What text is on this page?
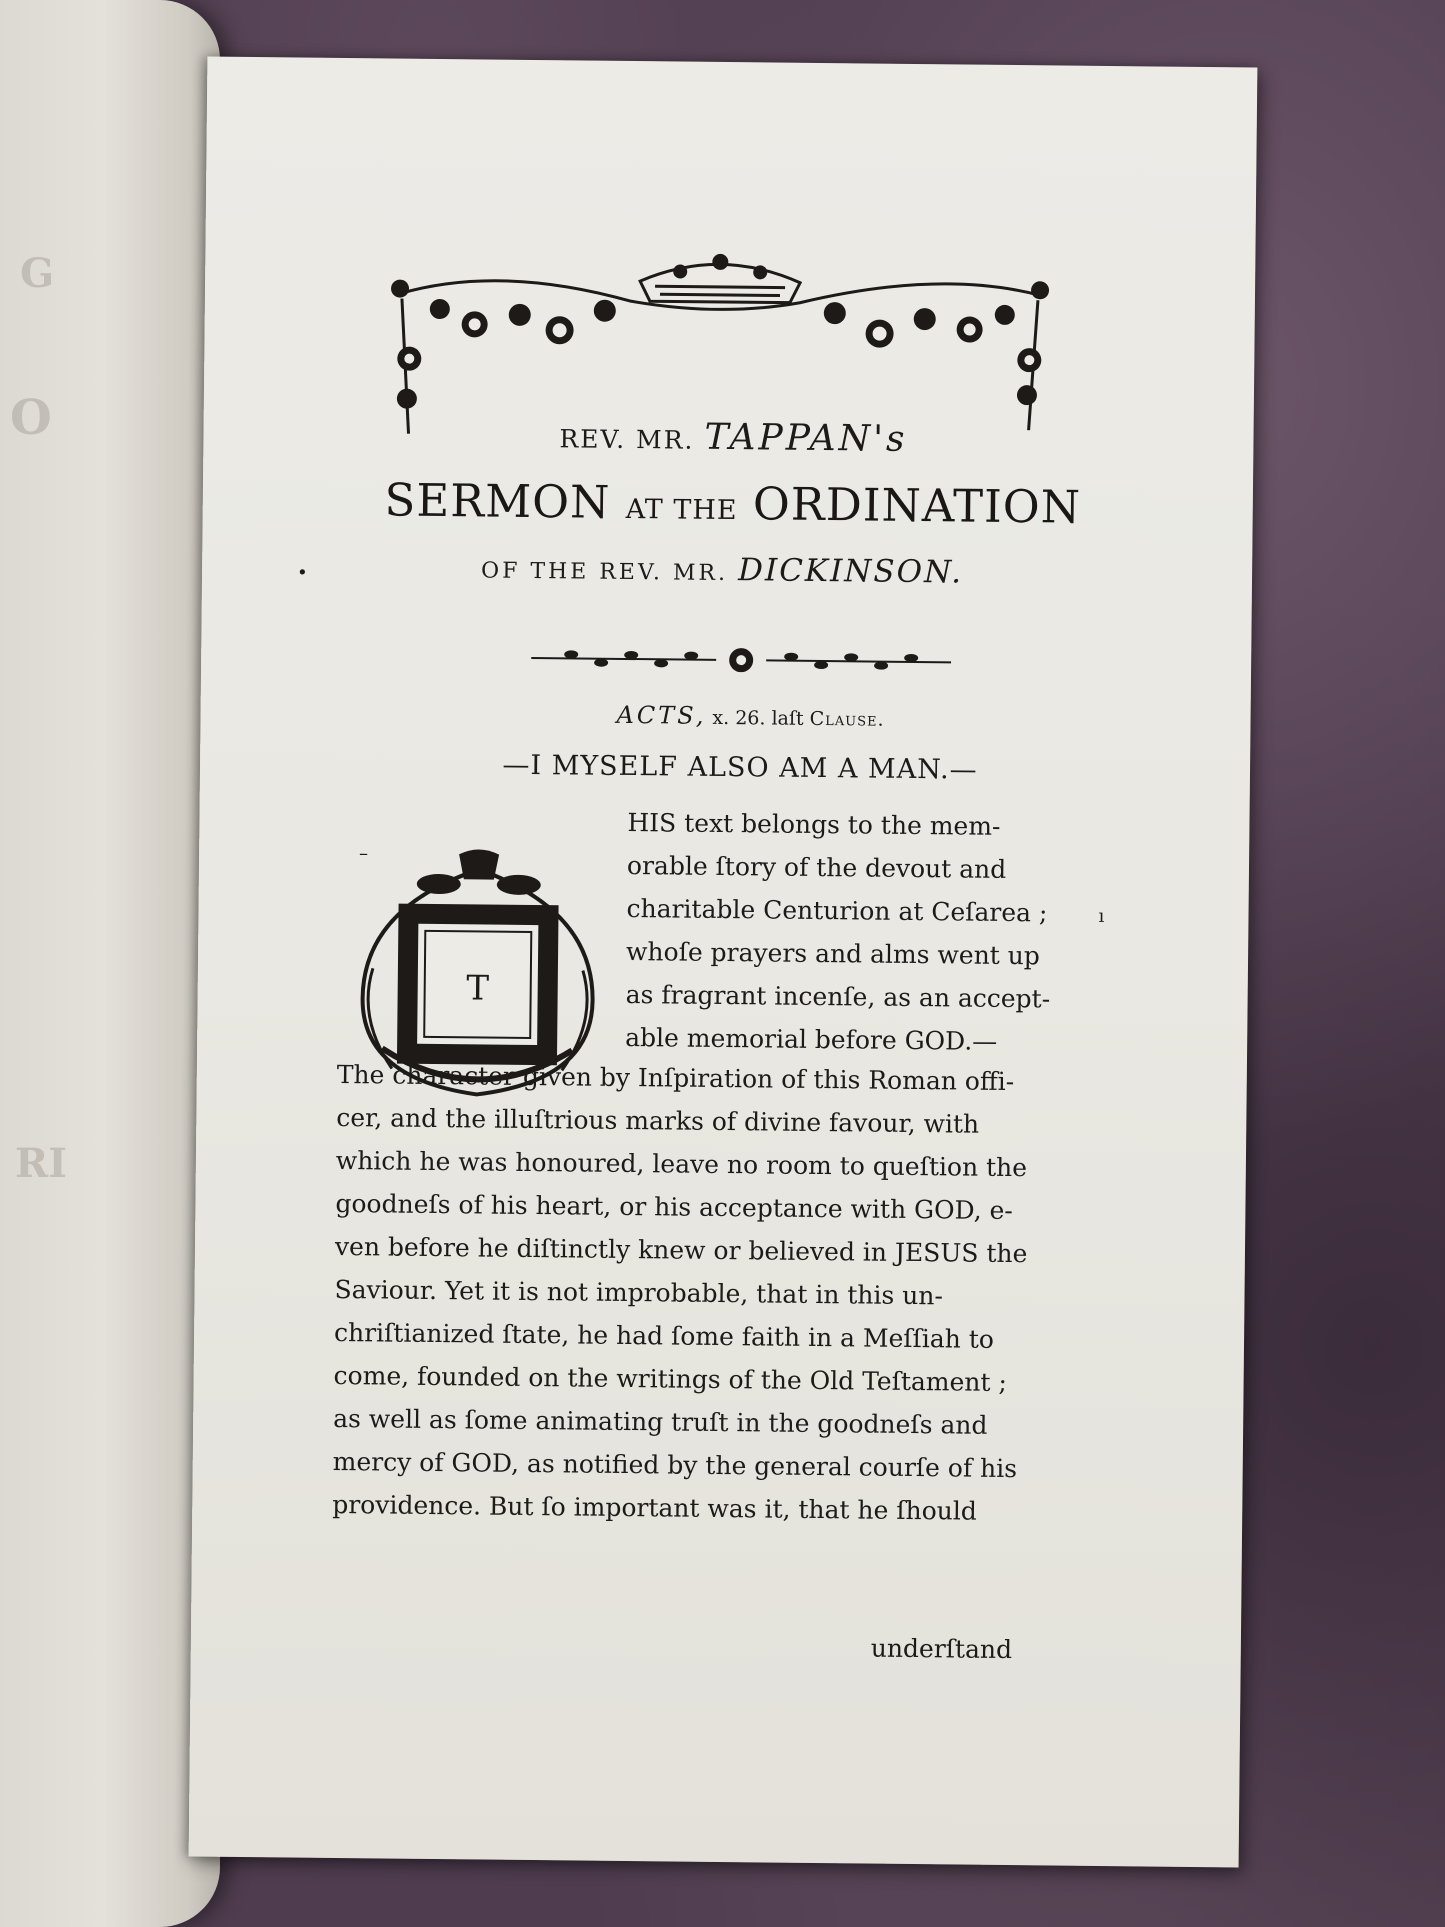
G
O
RI
REV. MR. TAPPAN's
SERMON AT THE ORDINATION
OF THE REV. MR. DICKINSON.
ACTS, x. 26. laſt Clause.
—I MYSELF ALSO AM A MAN.—
T
HIS text belongs to the mem-
orable ſtory of the devout and
charitable Centurion at Ceſarea ;
whoſe prayers and alms went up
as fragrant incenſe, as an accept-
able memorial before GOD.—
The character given by Inſpiration of this Roman offi-
cer, and the illuſtrious marks of divine favour, with
which he was honoured, leave no room to queſtion the
goodneſs of his heart, or his acceptance with GOD, e-
ven before he diſtinctly knew or believed in JESUS the
Saviour. Yet it is not improbable, that in this un-
chriſtianized ſtate, he had ſome faith in a Meſſiah to
come, founded on the writings of the Old Teſtament ;
as well as ſome animating truſt in the goodneſs and
mercy of GOD, as notified by the general courſe of his
providence. But ſo important was it, that he ſhould
underſtand
•
–
ı
